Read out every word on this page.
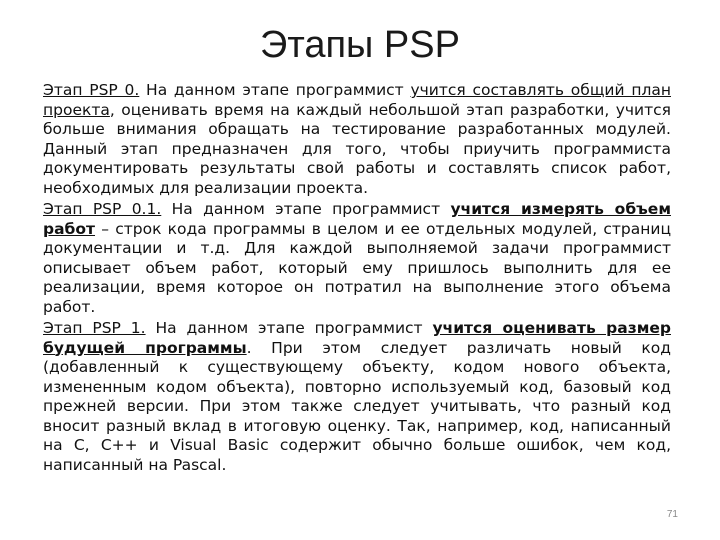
Этапы PSP

Этап PSP 0. На данном этапе программист учится составлять общий план проекта, оценивать время на каждый небольшой этап разработки, учится больше внимания обращать на тестирование разработанных модулей. Данный этап предназначен для того, чтобы приучить программиста документировать результаты свой работы и составлять список работ, необходимых для реализации проекта.

Этап PSP 0.1. На данном этапе программист учится измерять объем работ – строк кода программы в целом и ее отдельных модулей, страниц документации и т.д. Для каждой выполняемой задачи программист описывает объем работ, который ему пришлось выполнить для ее реализации, время которое он потратил на выполнение этого объема работ.

Этап PSP 1. На данном этапе программист учится оценивать размер будущей программы. При этом следует различать новый код (добавленный к существующему объекту, кодом нового объекта, измененным кодом объекта), повторно используемый код, базовый код прежней версии. При этом также следует учитывать, что разный код вносит разный вклад в итоговую оценку. Так, например, код, написанный на C, C++ и Visual Basic содержит обычно больше ошибок, чем код, написанный на Pascal.

71
